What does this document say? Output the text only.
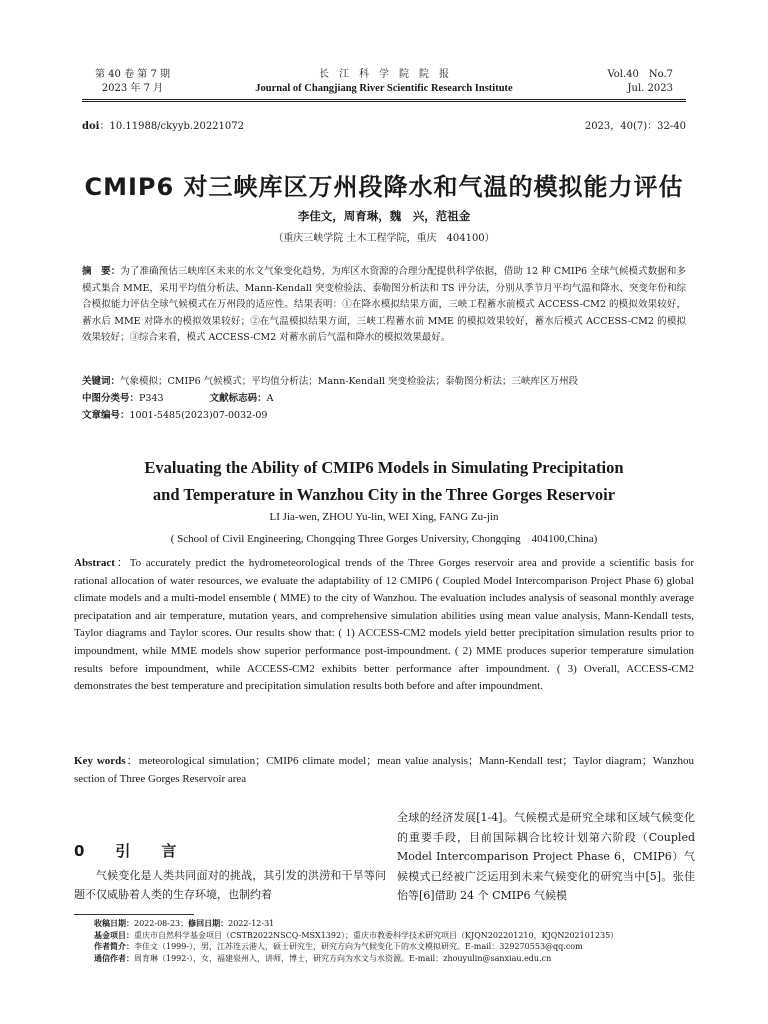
第 40 卷 第 7 期
2023 年 7 月
长　江　科　学　院　院　报
Journal of Changjiang River Scientific Research Institute
Vol.40　No.7
Jul. 2023
doi：10.11988/ckyyb.20221072	2023，40(7)：32-40
CMIP6 对三峡库区万州段降水和气温的模拟能力评估
李佳文，周育琳，魏　兴，范祖金
（重庆三峡学院 土木工程学院，重庆　404100）
摘　要：为了准确预估三峡库区未来的水文气象变化趋势，为库区水资源的合理分配提供科学依据，借助 12 种 CMIP6 全球气候模式数据和多模式集合 MME，采用平均值分析法、Mann-Kendall 突变检验法、泰勒图分析法和 TS 评分法，分别从季节月平均气温和降水、突变年份和综合模拟能力评估全球气候模式在万州段的适应性。结果表明：①在降水模拟结果方面，三峡工程蓄水前模式 ACCESS-CM2 的模拟效果较好，蓄水后 MME 对降水的模拟效果较好；②在气温模拟结果方面，三峡工程蓄水前 MME 的模拟效果较好，蓄水后模式 ACCESS-CM2 的模拟效果较好；③综合来看，模式 ACCESS-CM2 对蓄水前后气温和降水的模拟效果最好。
关键词：气象模拟；CMIP6 气候模式；平均值分析法；Mann-Kendall 突变检验法；泰勒图分析法；三峡库区万州段
中图分类号：P343	文献标志码：A
文章编号：1001-5485(2023)07-0032-09
Evaluating the Ability of CMIP6 Models in Simulating Precipitation
and Temperature in Wanzhou City in the Three Gorges Reservoir
LI Jia-wen, ZHOU Yu-lin, WEI Xing, FANG Zu-jin
( School of Civil Engineering, Chongqing Three Gorges University, Chongqing　404100,China)
Abstract：To accurately predict the hydrometeorological trends of the Three Gorges reservoir area and provide a scientific basis for rational allocation of water resources, we evaluate the adaptability of 12 CMIP6 ( Coupled Model Intercomparison Project Phase 6) global climate models and a multi-model ensemble ( MME) to the city of Wanzhou. The evaluation includes analysis of seasonal monthly average precipatation and air temperature, mutation years, and comprehensive simulation abilities using mean value analysis, Mann-Kendall tests, Taylor diagrams and Taylor scores. Our results show that: ( 1) ACCESS-CM2 models yield better precipitation simulation results prior to impoundment, while MME models show superior performance post-impoundment. ( 2) MME produces superior temperature simulation results before impoundment, while ACCESS-CM2 exhibits better performance after impoundment. ( 3) Overall, ACCESS-CM2 demonstrates the best temperature and precipitation simulation results both before and after impoundment.
Key words：meteorological simulation；CMIP6 climate model；mean value analysis；Mann-Kendall test；Taylor diagram；Wanzhou section of Three Gorges Reservoir area
0　引　言
气候变化是人类共同面对的挑战，其引发的洪涝和干旱等问题不仅威胁着人类的生存环境，也制约着
全球的经济发展[1-4]。气候模式是研究全球和区域气候变化的重要手段，目前国际耦合比较计划第六阶段（Coupled Model Intercomparison Project Phase 6，CMIP6）气候模式已经被广泛运用到未来气候变化的研究当中[5]。张佳怡等[6]借助 24 个 CMIP6 气候模
收稿日期：2022-08-23；修回日期：2022-12-31
基金项目：重庆市自然科学基金项目（CSTB2022NSCQ-MSX1392）；重庆市教委科学技术研究项目（KJQN202201210，KJQN202101235）
作者简介：李佳文（1999-），男，江苏连云港人，硕士研究生，研究方向为气候变化下的水文模拟研究。E-mail：329270553@qq.com
通信作者：周育琳（1992-），女，福建泉州人，讲师，博士，研究方向为水文与水资源。E-mail：zhouyulin@sanxiau.edu.cn
